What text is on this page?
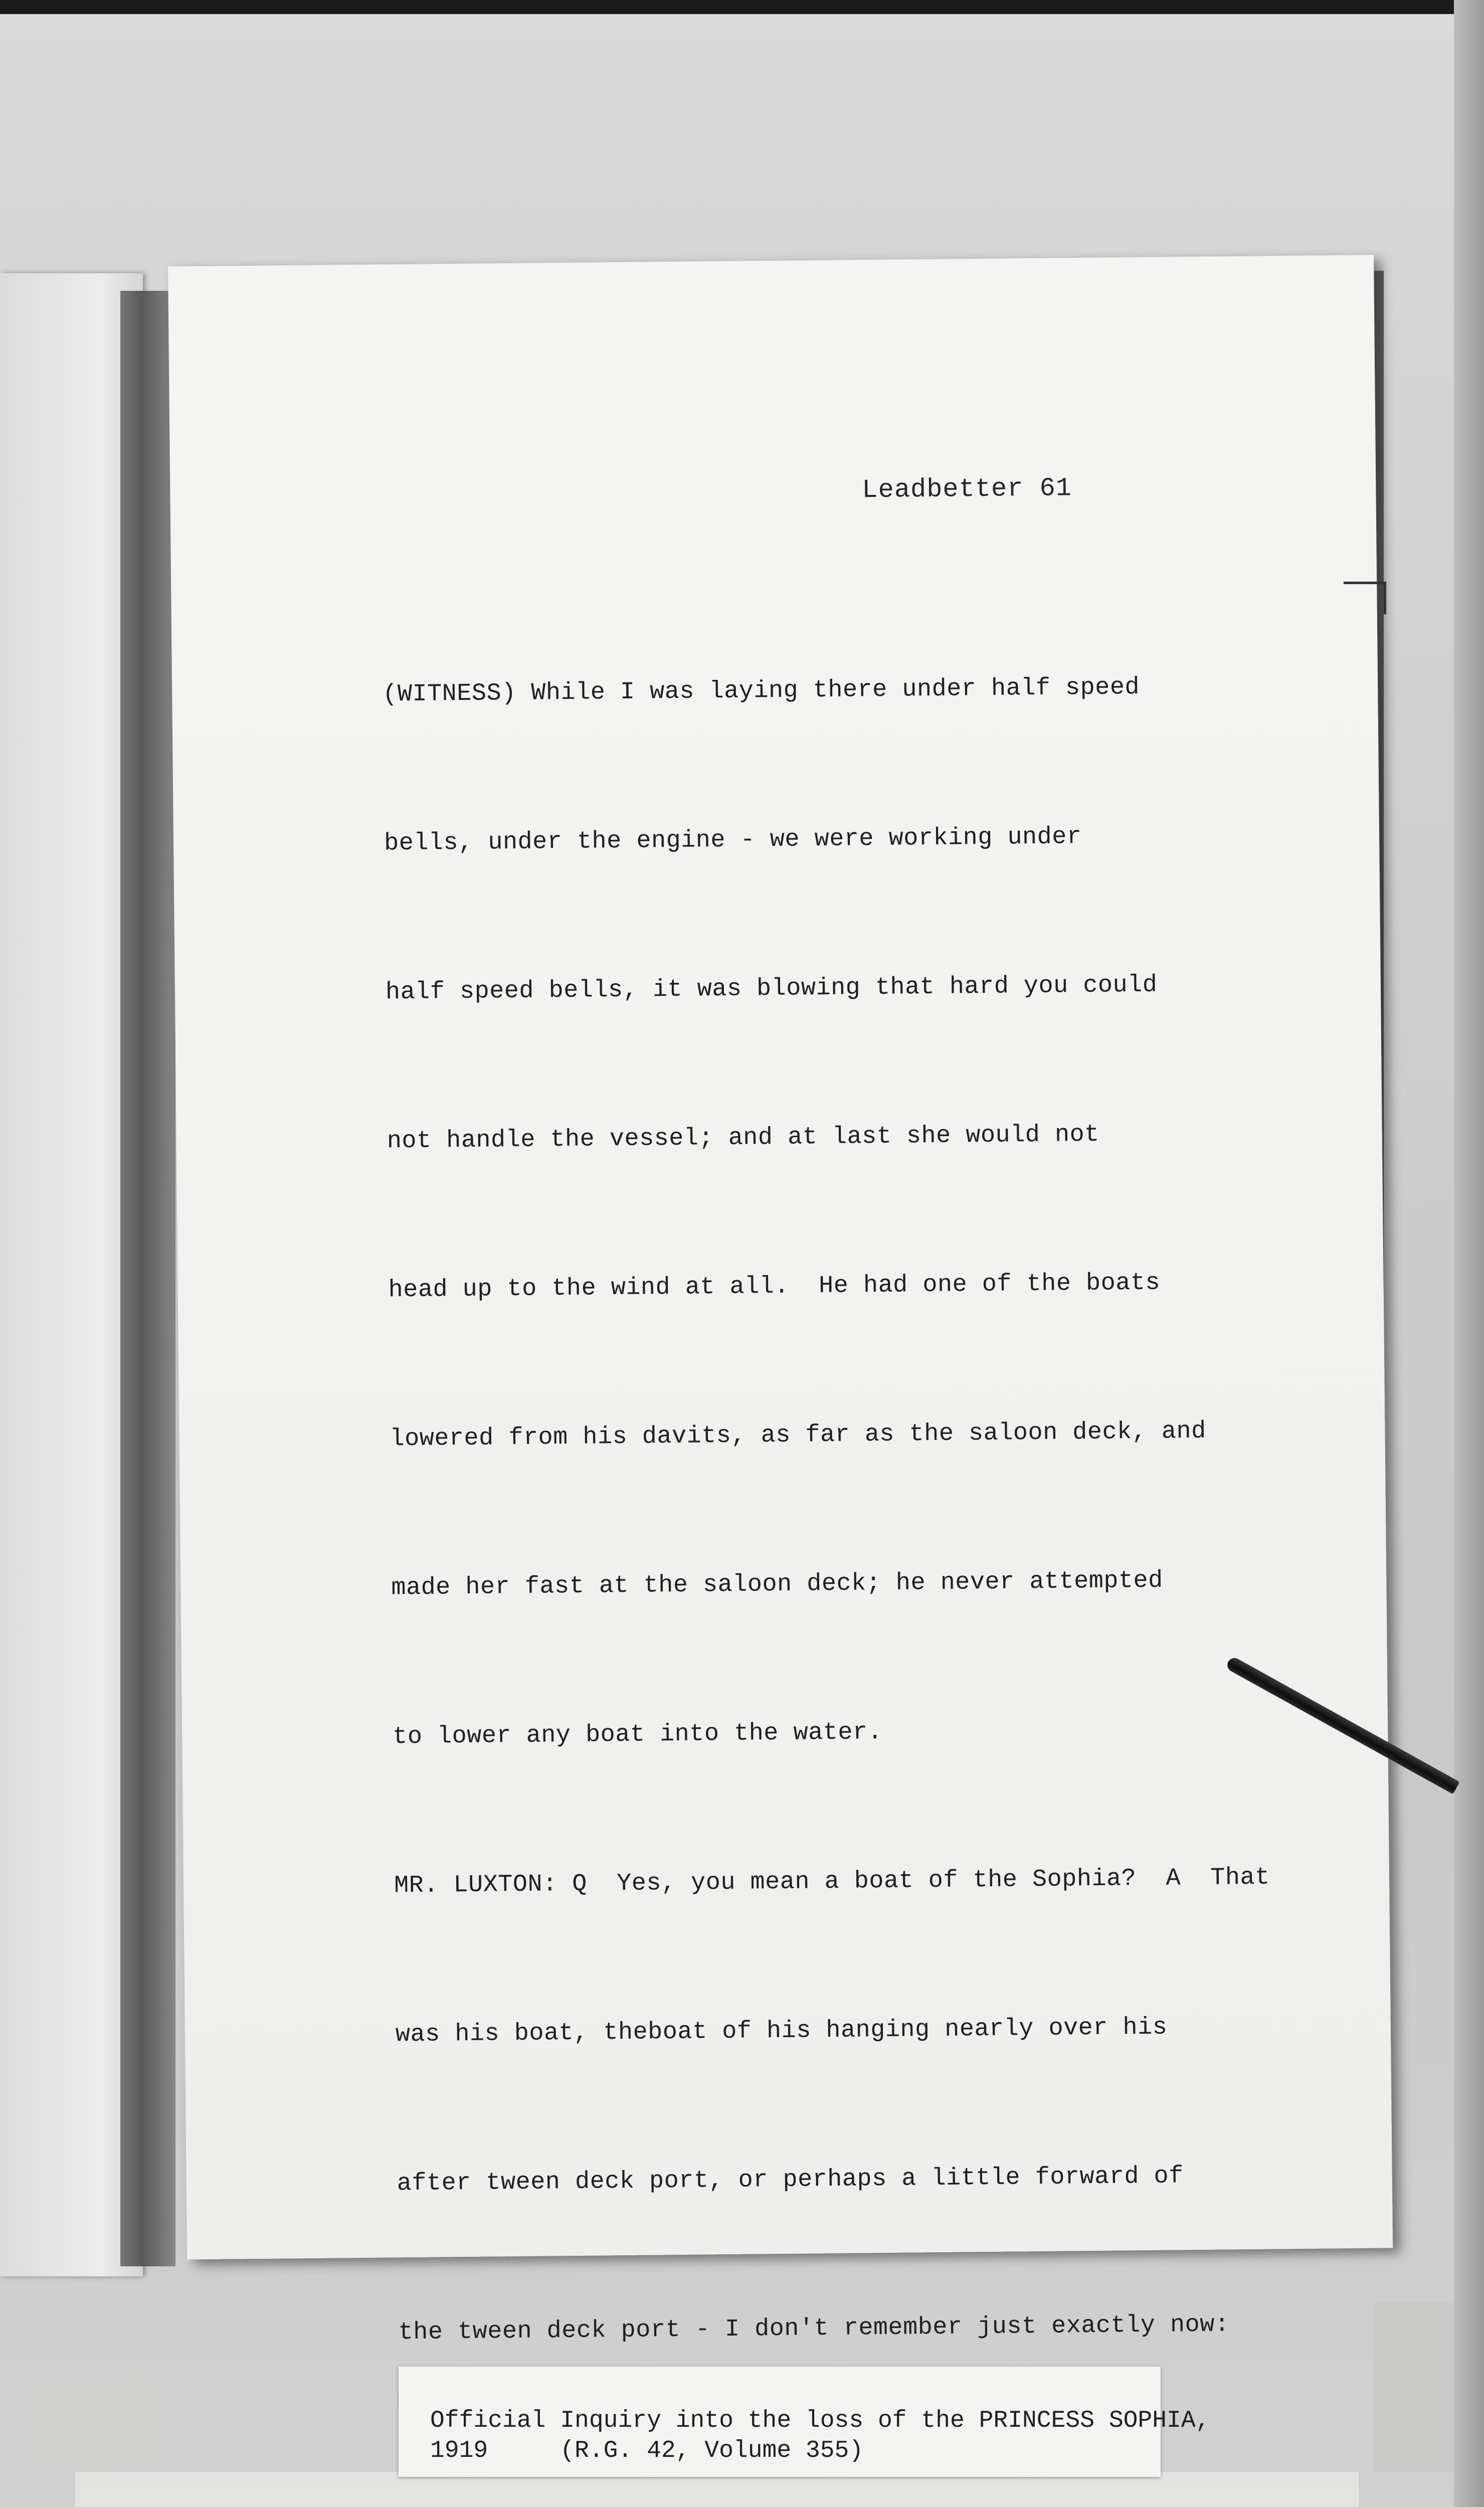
Leadbetter 61

(WITNESS) While I was laying there under half speed

bells, under the engine - we were working under

half speed bells, it was blowing that hard you could

not handle the vessel; and at last she would not

head up to the wind at all.  He had one of the boats

lowered from his davits, as far as the saloon deck, and

made her fast at the saloon deck; he never attempted

to lower any boat into the water.

MR. LUXTON: Q  Yes, you mean a boat of the Sophia?  A  That

was his boat, theboat of his hanging nearly over his

after tween deck port, or perhaps a little forward of

the tween deck port - I don't remember just exactly now:

Official Inquiry into the loss of the PRINCESS SOPHIA,
1919     (R.G. 42, Volume 355)
